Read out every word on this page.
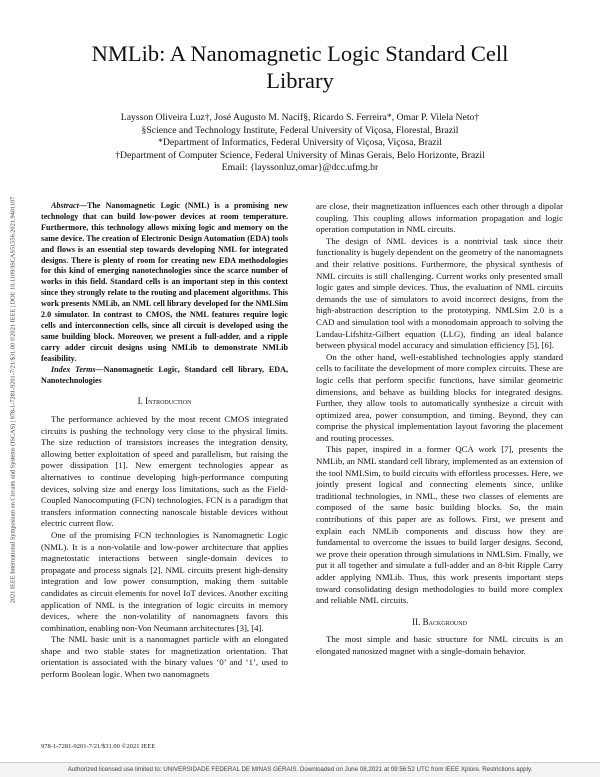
2021 IEEE International Symposium on Circuits and Systems (ISCAS) | 978-1-7281-9201-7/21/$31.00 ©2021 IEEE | DOI: 10.1109/ISCAS51556.2021.9401107
NMLib: A Nanomagnetic Logic Standard Cell Library
Laysson Oliveira Luz†, José Augusto M. Nacif§, Ricardo S. Ferreira*, Omar P. Vilela Neto†
§Science and Technology Institute, Federal University of Viçosa, Florestal, Brazil
*Department of Informatics, Federal University of Viçosa, Viçosa, Brazil
†Department of Computer Science, Federal University of Minas Gerais, Belo Horizonte, Brazil
Email: {layssonluz,omar}@dcc.ufmg.br

Abstract—The Nanomagnetic Logic (NML) is a promising new technology that can build low-power devices at room temperature. Furthermore, this technology allows mixing logic and memory on the same device. The creation of Electronic Design Automation (EDA) tools and flows is an essential step towards developing NML for integrated designs. There is plenty of room for creating new EDA methodologies for this kind of emerging nanotechnologies since the scarce number of works in this field. Standard cells is an important step in this context since they strongly relate to the routing and placement algorithms. This work presents NMLib, an NML cell library developed for the NMLSim 2.0 simulator. In contrast to CMOS, the NML features require logic cells and interconnection cells, since all circuit is developed using the same building block. Moreover, we present a full-adder, and a ripple carry adder circuit designs using NMLib to demonstrate NMLib feasibility.

Index Terms—Nanomagnetic Logic, Standard cell library, EDA, Nanotechnologies

I. Introduction

The performance achieved by the most recent CMOS integrated circuits is pushing the technology very close to the physical limits. The size reduction of transistors increases the integration density, allowing better exploitation of speed and parallelism, but raising the power dissipation [1]. New emergent technologies appear as alternatives to continue developing high-performance computing devices, solving size and energy loss limitations, such as the Field-Coupled Nanocomputing (FCN) technologies. FCN is a paradigm that transfers information connecting nanoscale bistable devices without electric current flow.

One of the promising FCN technologies is Nanomagnetic Logic (NML). It is a non-volatile and low-power architecture that applies magnetostatic interactions between single-domain devices to propagate and process signals [2]. NML circuits present high-density integration and low power consumption, making them suitable candidates as circuit elements for novel IoT devices. Another exciting application of NML is the integration of logic circuits in memory devices, where the non-volatility of nanomagnets favors this combination, enabling non-Von Neumann architectures [3], [4].

The NML basic unit is a nanomagnet particle with an elongated shape and two stable states for magnetization orientation. That orientation is associated with the binary values ‘0’ and ‘1’, used to perform Boolean logic. When two nanomagnets

are close, their magnetization influences each other through a dipolar coupling. This coupling allows information propagation and logic operation computation in NML circuits.

The design of NML devices is a nontrivial task since their functionality is hugely dependent on the geometry of the nanomagnets and their relative positions. Furthermore, the physical synthesis of NML circuits is still challenging. Current works only presented small logic gates and simple devices. Thus, the evaluation of NML circuits demands the use of simulators to avoid incorrect designs, from the high-abstraction description to the prototyping. NMLSim 2.0 is a CAD and simulation tool with a monodomain approach to solving the Landau-Lifshitz-Gilbert equation (LLG), finding an ideal balance between physical model accuracy and simulation efficiency [5], [6].

On the other hand, well-established technologies apply standard cells to facilitate the development of more complex circuits. These are logic cells that perform specific functions, have similar geometric dimensions, and behave as building blocks for integrated designs. Further, they allow tools to automatically synthesize a circuit with optimized area, power consumption, and timing. Beyond, they can comprise the physical implementation layout favoring the placement and routing processes.

This paper, inspired in a former QCA work [7], presents the NMLib, an NML standard cell library, implemented as an extension of the tool NMLSim, to build circuits with effortless processes. Here, we jointly present logical and connecting elements since, unlike traditional technologies, in NML, these two classes of elements are composed of the same basic building blocks. So, the main contributions of this paper are as follows. First, we present and explain each NMLib components and discuss how they are fundamental to overcome the issues to build larger designs. Second, we prove their operation through simulations in NMLSim. Finally, we put it all together and simulate a full-adder and an 8-bit Ripple Carry adder applying NMLib. Thus, this work presents important steps toward consolidating design methodologies to build more complex and reliable NML circuits.

II. Background

The most simple and basic structure for NML circuits is an elongated nanosized magnet with a single-domain behavior.

978-1-7281-9201-7/21/$31.00 ©2021 IEEE
Authorized licensed use limited to: UNIVERSIDADE FEDERAL DE MINAS GERAIS. Downloaded on June 08,2021 at 09:56:52 UTC from IEEE Xplore. Restrictions apply.
